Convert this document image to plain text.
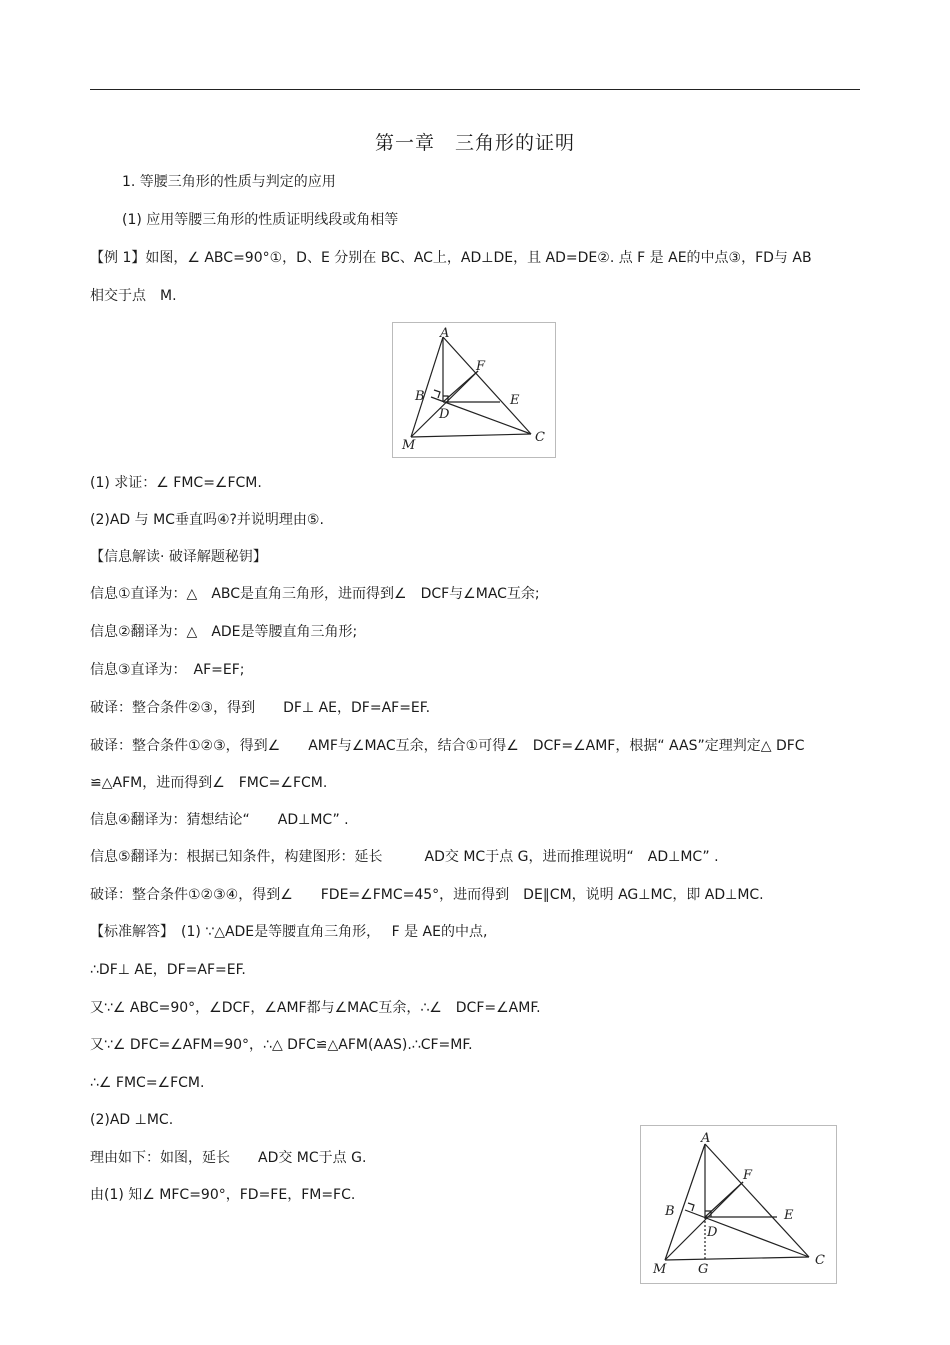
第一章　三角形的证明
1. 等腰三角形的性质与判定的应用
(1) 应用等腰三角形的性质证明线段或角相等
【例 1】如图，∠ ABC=90°①，D、E 分别在 BC、AC上，AD⊥DE，且 AD=DE②. 点 F 是 AE的中点③，FD与 AB
相交于点　M.
A
B
C
D
E
F
M
(1) 求证：∠ FMC=∠FCM.
(2)AD 与 MC垂直吗④?并说明理由⑤.
【信息解读· 破译解题秘钥】
信息①直译为：△　ABC是直角三角形，进而得到∠　DCF与∠MAC互余;
信息②翻译为：△　ADE是等腰直角三角形;
信息③直译为：　AF=EF;
破译：整合条件②③，得到　　DF⊥ AE，DF=AF=EF.
破译：整合条件①②③，得到∠　　AMF与∠MAC互余，结合①可得∠　DCF=∠AMF，根据“ AAS”定理判定△ DFC
≌△AFM，进而得到∠　FMC=∠FCM.
信息④翻译为：猜想结论“　　AD⊥MC” .
信息⑤翻译为：根据已知条件，构建图形：延长　　　AD交 MC于点 G，进而推理说明“　AD⊥MC” .
破译：整合条件①②③④，得到∠　　FDE=∠FMC=45°，进而得到　DE∥CM，说明 AG⊥MC，即 AD⊥MC.
【标准解答】　(1) ∵△ADE是等腰直角三角形，　 F 是 AE的中点,
∴DF⊥ AE，DF=AF=EF.
又∵∠ ABC=90°，∠DCF，∠AMF都与∠MAC互余，∴∠　DCF=∠AMF.
又∵∠ DFC=∠AFM=90°，∴△ DFC≌△AFM(AAS).∴CF=MF.
∴∠ FMC=∠FCM.
(2)AD ⊥MC.
理由如下：如图，延长　　AD交 MC于点 G.
由(1) 知∠ MFC=90°，FD=FE，FM=FC.
A
B
C
D
E
F
M G
